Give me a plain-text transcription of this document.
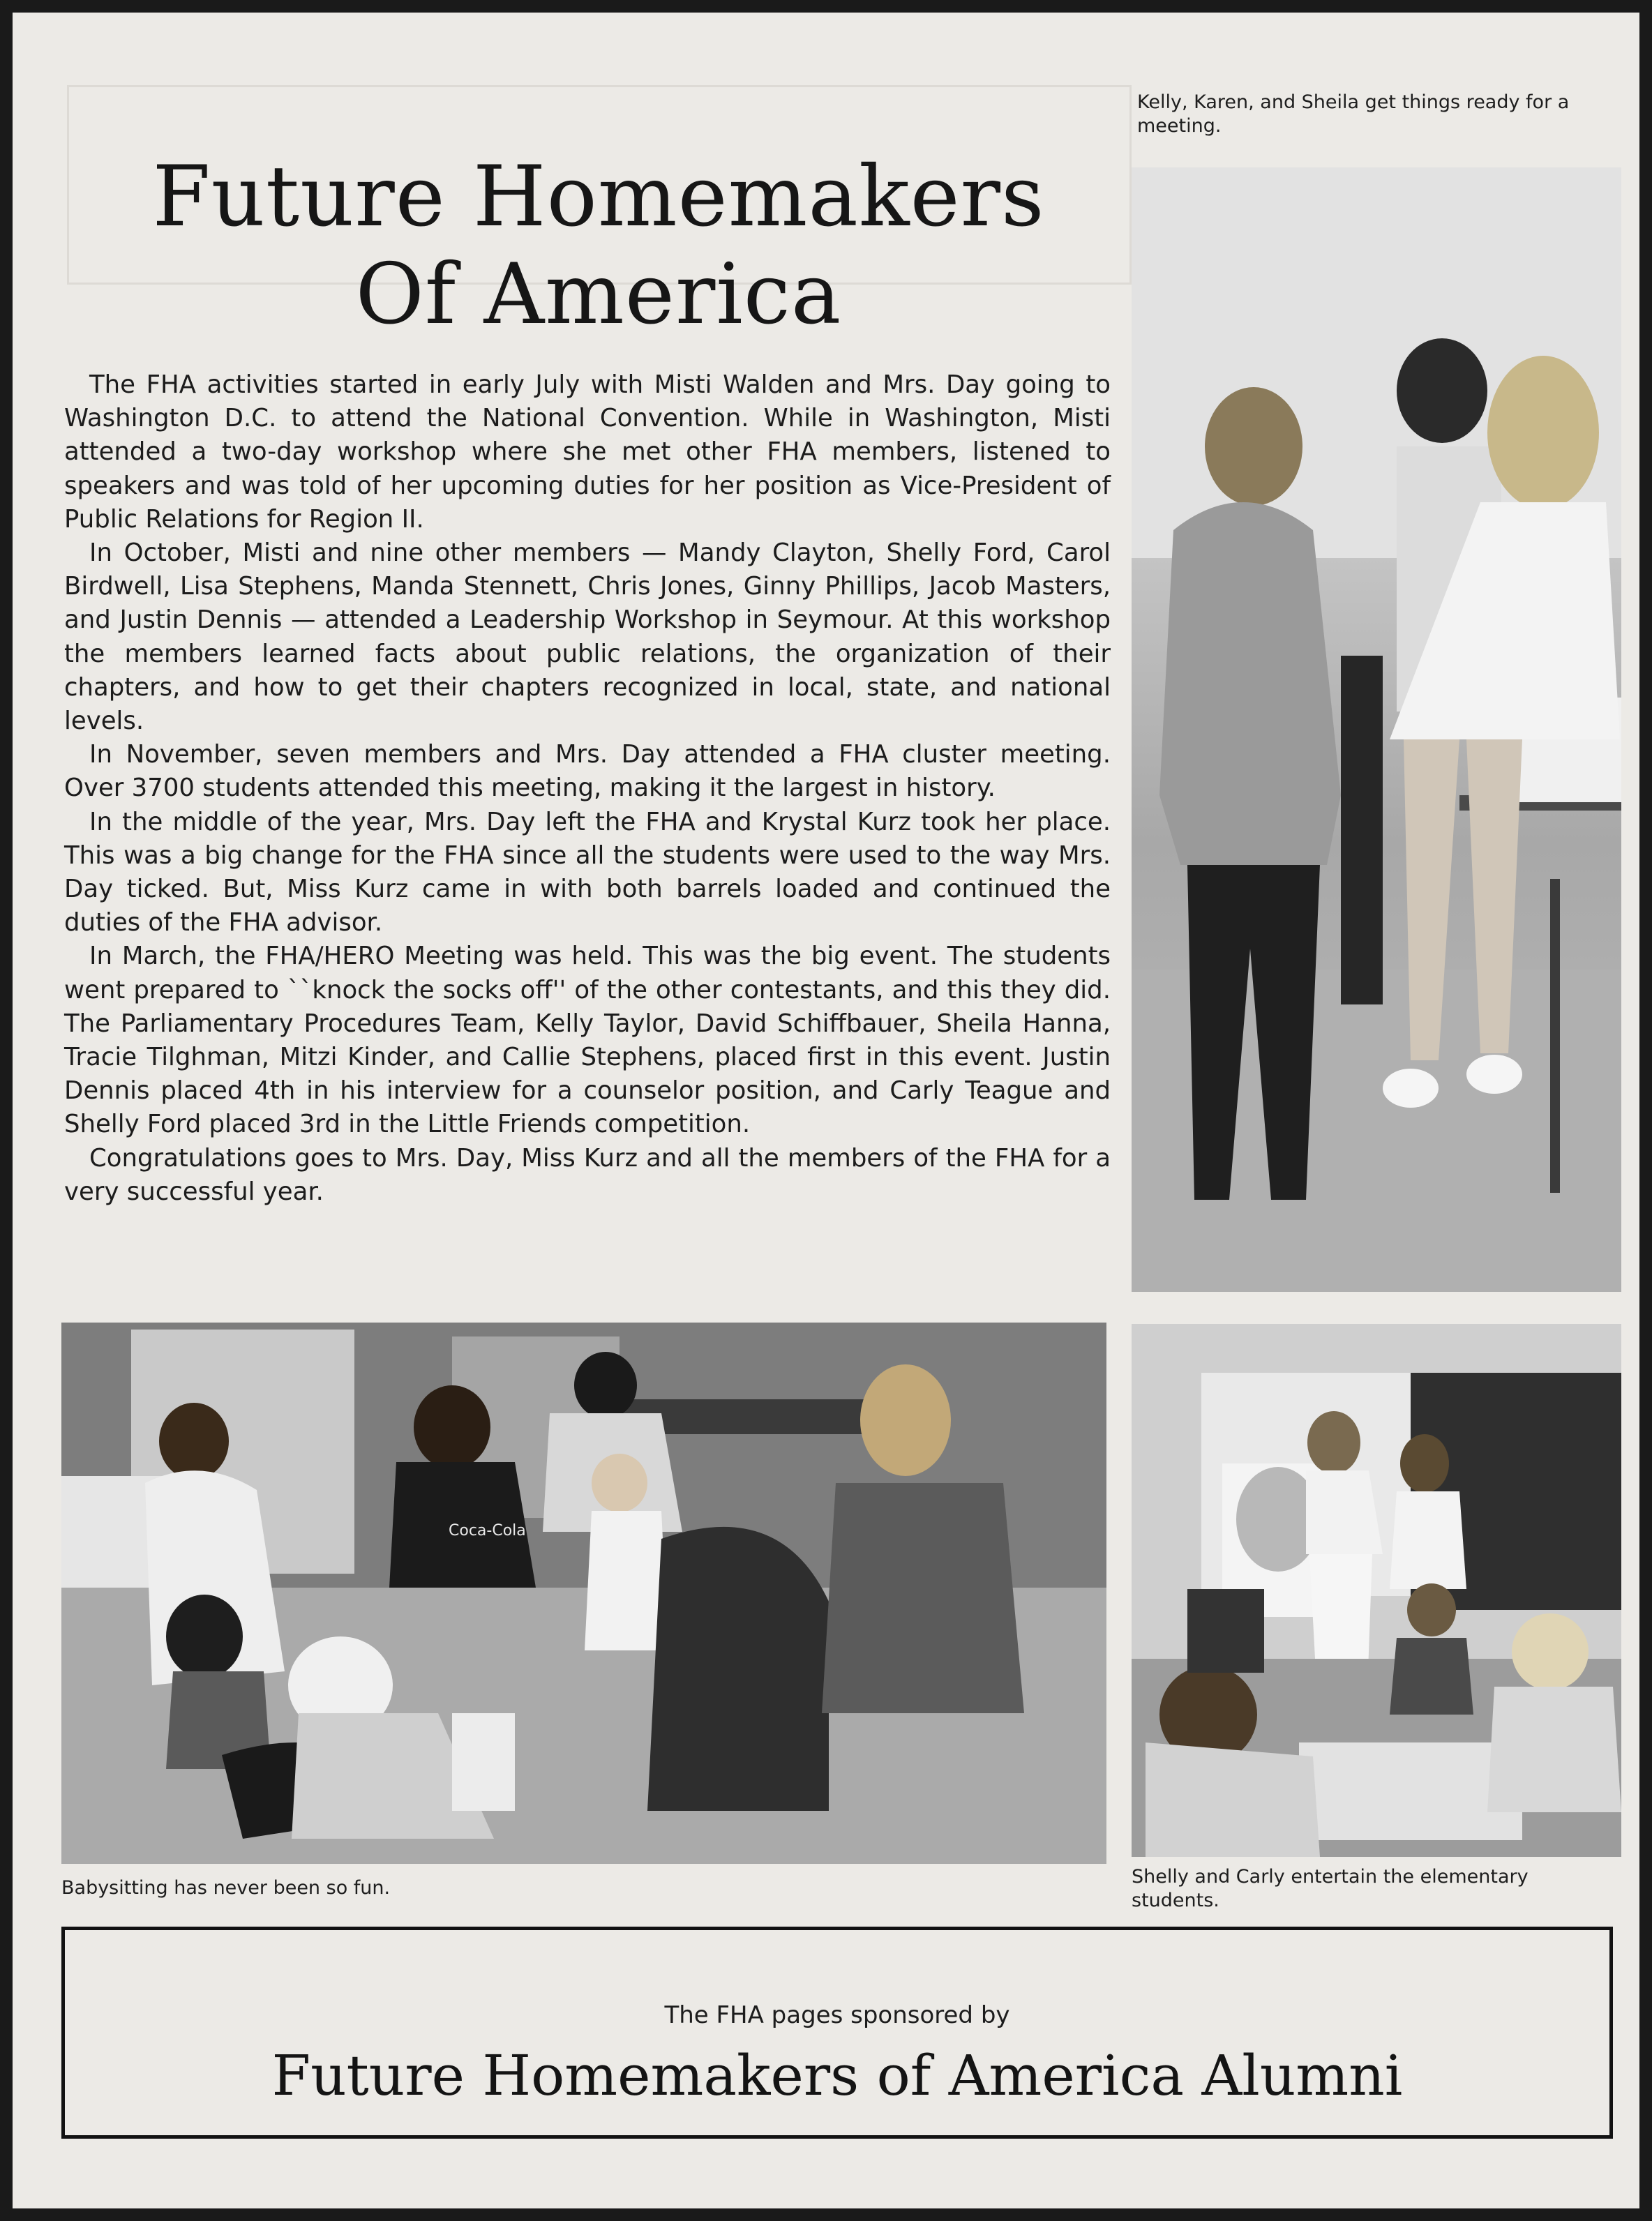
Future Homemakers
Of America

The FHA activities started in early July with Misti Walden and Mrs. Day going to Washington D.C. to attend the National Convention. While in Washington, Misti attended a two-day workshop where she met other FHA members, listened to speakers and was told of her upcoming duties for her position as Vice-President of Public Relations for Region II.

In October, Misti and nine other members — Mandy Clayton, Shelly Ford, Carol Birdwell, Lisa Stephens, Manda Stennett, Chris Jones, Ginny Phillips, Jacob Masters, and Justin Dennis — attended a Leadership Workshop in Seymour. At this workshop the members learned facts about public relations, the organization of their chapters, and how to get their chapters recognized in local, state, and national levels.

In November, seven members and Mrs. Day attended a FHA cluster meeting. Over 3700 students attended this meeting, making it the largest in history.

In the middle of the year, Mrs. Day left the FHA and Krystal Kurz took her place. This was a big change for the FHA since all the students were used to the way Mrs. Day ticked. But, Miss Kurz came in with both barrels loaded and continued the duties of the FHA advisor.

In March, the FHA/HERO Meeting was held. This was the big event. The students went prepared to ``knock the socks off'' of the other contestants, and this they did. The Parliamentary Procedures Team, Kelly Taylor, David Schiffbauer, Sheila Hanna, Tracie Tilghman, Mitzi Kinder, and Callie Stephens, placed first in this event. Justin Dennis placed 4th in his interview for a counselor position, and Carly Teague and Shelly Ford placed 3rd in the Little Friends competition.

Congratulations goes to Mrs. Day, Miss Kurz and all the members of the FHA for a very successful year.

Kelly, Karen, and Sheila get things ready for a meeting.
Coca-Cola
Babysitting has never been so fun.
Shelly and Carly entertain the elementary students.
The FHA pages sponsored by
Future Homemakers of America Alumni
